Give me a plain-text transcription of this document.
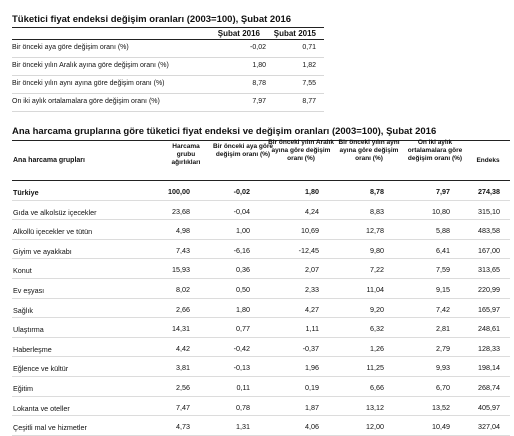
Tüketici fiyat endeksi değişim oranları (2003=100), Şubat 2016
Şubat 2016	Şubat 2015
Bir önceki aya göre değişim oranı (%)	-0,02	0,71
Bir önceki yılın Aralık ayına göre değişim oranı (%)	1,80	1,82
Bir önceki yılın aynı ayına göre değişim oranı (%)	8,78	7,55
On iki aylık ortalamalara göre değişim oranı (%)	7,97	8,77
Ana harcama gruplarına göre tüketici fiyat endeksi ve değişim oranları (2003=100), Şubat 2016
Ana harcama grupları
Harcama grubu ağırlıkları
Bir önceki aya göre değişim oranı (%)
Bir önceki yılın Aralık ayına göre değişim oranı (%)
Bir önceki yılın aynı ayına göre değişim oranı (%)
On iki aylık ortalamalara göre değişim oranı (%)	Endeks
Türkiye	100,00	-0,02	1,80	8,78	7,97	274,38
Gıda ve alkolsüz içecekler	23,68	-0,04	4,24	8,83	10,80	315,10
Alkollü içecekler ve tütün	4,98	1,00	10,69	12,78	5,88	483,58
Giyim ve ayakkabı	7,43	-6,16	-12,45	9,80	6,41	167,00
Konut	15,93	0,36	2,07	7,22	7,59	313,65
Ev eşyası	8,02	0,50	2,33	11,04	9,15	220,99
Sağlık	2,66	1,80	4,27	9,20	7,42	165,97
Ulaştırma	14,31	0,77	1,11	6,32	2,81	248,61
Haberleşme	4,42	-0,42	-0,37	1,26	2,79	128,33
Eğlence ve kültür	3,81	-0,13	1,96	11,25	9,93	198,14
Eğitim	2,56	0,11	0,19	6,66	6,70	268,74
Lokanta ve oteller	7,47	0,78	1,87	13,12	13,52	405,97
Çeşitli mal ve hizmetler	4,73	1,31	4,06	12,00	10,49	327,04
